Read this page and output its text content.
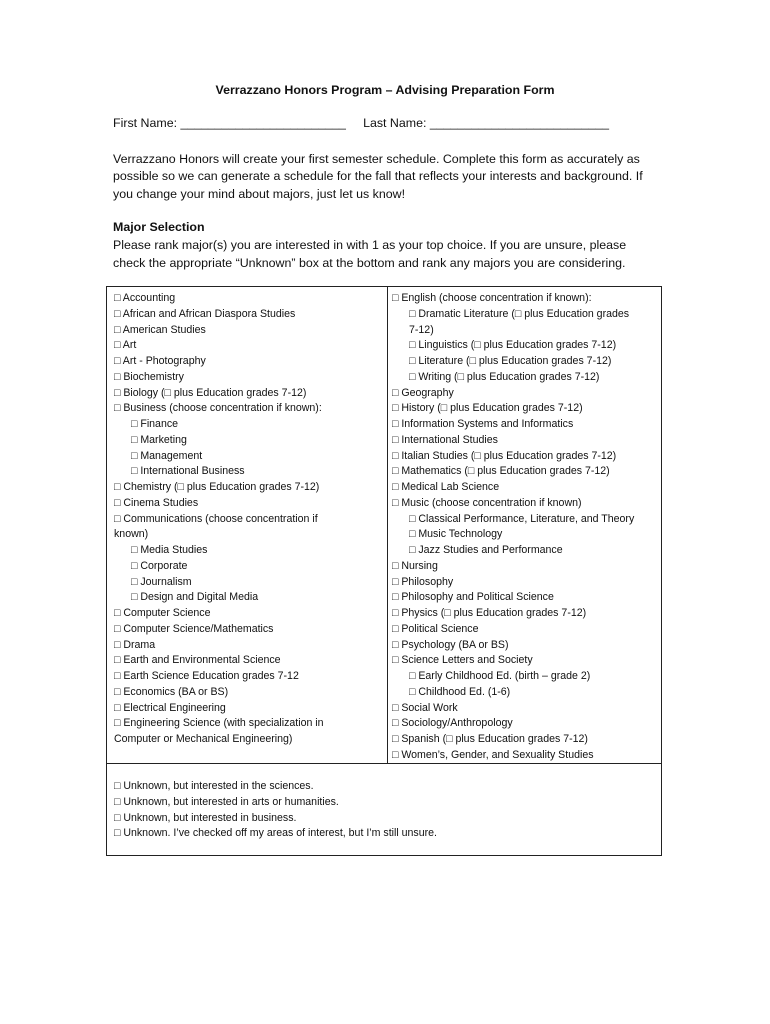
Verrazzano Honors Program – Advising Preparation Form
First Name: ________________________     Last Name: __________________________

Verrazzano Honors will create your first semester schedule. Complete this form as accurately as

possible so we can generate a schedule for the fall that reflects your interests and background. If

you change your mind about majors, just let us know!

Major Selection
Please rank major(s) you are interested in with 1 as your top choice. If you are unsure, please
check the appropriate “Unknown” box at the bottom and rank any majors you are considering.
□ Accounting
□ African and African Diaspora Studies
□ American Studies
□ Art
□ Art - Photography
□ Biochemistry
□ Biology (□ plus Education grades 7-12)
□ Business (choose concentration if known):
□ Finance
□ Marketing
□ Management
□ International Business
□ Chemistry (□ plus Education grades 7-12)
□ Cinema Studies
□ Communications (choose concentration if
known)
□ Media Studies
□ Corporate
□ Journalism
□ Design and Digital Media
□ Computer Science
□ Computer Science/Mathematics
□ Drama
□ Earth and Environmental Science
□ Earth Science Education grades 7-12
□ Economics (BA or BS)
□ Electrical Engineering
□ Engineering Science (with specialization in
Computer or Mechanical Engineering)
□ English (choose concentration if known):
□ Dramatic Literature (□ plus Education grades
7-12)
□ Linguistics (□ plus Education grades 7-12)
□ Literature (□ plus Education grades 7-12)
□ Writing (□ plus Education grades 7-12)
□ Geography
□ History (□ plus Education grades 7-12)
□ Information Systems and Informatics
□ International Studies
□ Italian Studies (□ plus Education grades 7-12)
□ Mathematics (□ plus Education grades 7-12)
□ Medical Lab Science
□ Music (choose concentration if known)
□ Classical Performance, Literature, and Theory
□ Music Technology
□ Jazz Studies and Performance
□ Nursing
□ Philosophy
□ Philosophy and Political Science
□ Physics (□ plus Education grades 7-12)
□ Political Science
□ Psychology (BA or BS)
□ Science Letters and Society
□ Early Childhood Ed. (birth – grade 2)
□ Childhood Ed. (1-6)
□ Social Work
□ Sociology/Anthropology
□ Spanish (□ plus Education grades 7-12)
□ Women’s, Gender, and Sexuality Studies
□ Unknown, but interested in the sciences.
□ Unknown, but interested in arts or humanities.
□ Unknown, but interested in business.
□ Unknown. I’ve checked off my areas of interest, but I’m still unsure.
